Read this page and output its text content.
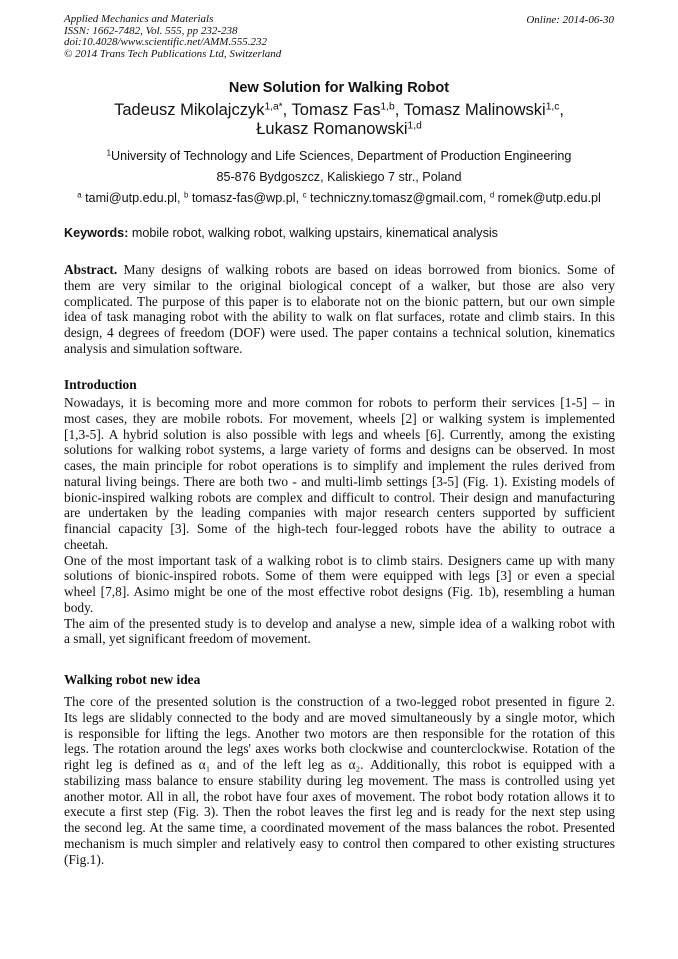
Applied Mechanics and Materials
ISSN: 1662-7482, Vol. 555, pp 232-238
doi:10.4028/www.scientific.net/AMM.555.232
© 2014 Trans Tech Publications Ltd, Switzerland
Online: 2014-06-30
New Solution for Walking Robot
Tadeusz Mikolajczyk$^{1,a*}$, Tomasz Fas$^{1,b}$, Tomasz Malinowski$^{1,c}$,
Łukasz Romanowski$^{1,d}$
$^1$University of Technology and Life Sciences, Department of Production Engineering
85-876 Bydgoszcz, Kaliskiego 7 str., Poland
$^a$ tami@utp.edu.pl, $^b$ tomasz-fas@wp.pl, $^c$ techniczny.tomasz@gmail.com, $^d$ romek@utp.edu.pl
Keywords: mobile robot, walking robot, walking upstairs, kinematical analysis
Abstract. Many designs of walking robots are based on ideas borrowed from bionics. Some of
them are very similar to the original biological concept of a walker, but those are also very
complicated. The purpose of this paper is to elaborate not on the bionic pattern, but our own simple
idea of task managing robot with the ability to walk on flat surfaces, rotate and climb stairs. In this
design, 4 degrees of freedom (DOF) were used. The paper contains a technical solution, kinematics
analysis and simulation software.
Introduction
Nowadays, it is becoming more and more common for robots to perform their services [1-5] – in
most cases, they are mobile robots. For movement, wheels [2] or walking system is implemented
[1,3-5]. A hybrid solution is also possible with legs and wheels [6]. Currently, among the existing
solutions for walking robot systems, a large variety of forms and designs can be observed. In most
cases, the main principle for robot operations is to simplify and implement the rules derived from
natural living beings. There are both two - and multi-limb settings [3-5] (Fig. 1). Existing models of
bionic-inspired walking robots are complex and difficult to control. Their design and manufacturing
are undertaken by the leading companies with major research centers supported by sufficient
financial capacity [3]. Some of the high-tech four-legged robots have the ability to outrace a
cheetah.
One of the most important task of a walking robot is to climb stairs. Designers came up with many
solutions of bionic-inspired robots. Some of them were equipped with legs [3] or even a special
wheel [7,8]. Asimo might be one of the most effective robot designs (Fig. 1b), resembling a human
body.
The aim of the presented study is to develop and analyse a new, simple idea of a walking robot with
a small, yet significant freedom of movement.
Walking robot new idea
The core of the presented solution is the construction of a two-legged robot presented in figure 2.
Its legs are slidably connected to the body and are moved simultaneously by a single motor, which
is responsible for lifting the legs. Another two motors are then responsible for the rotation of this
legs. The rotation around the legs' axes works both clockwise and counterclockwise. Rotation of the
right leg is defined as α₁ and of the left leg as α₂. Additionally, this robot is equipped with a
stabilizing mass balance to ensure stability during leg movement. The mass is controlled using yet
another motor. All in all, the robot have four axes of movement. The robot body rotation allows it to
execute a first step (Fig. 3). Then the robot leaves the first leg and is ready for the next step using
the second leg. At the same time, a coordinated movement of the mass balances the robot. Presented
mechanism is much simpler and relatively easy to control then compared to other existing structures
(Fig.1).
